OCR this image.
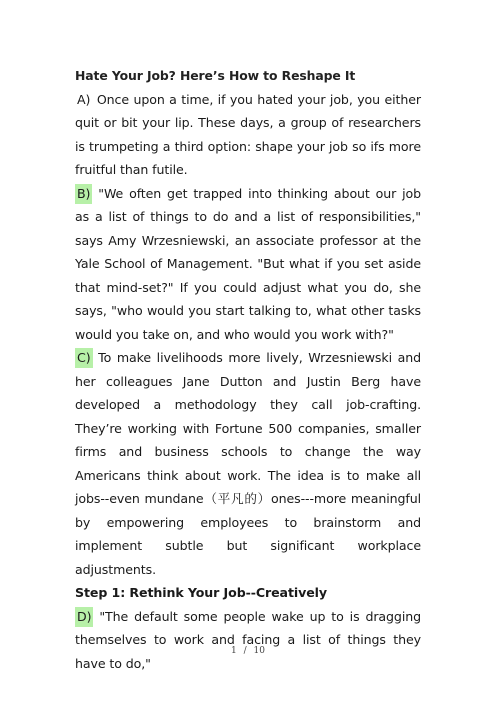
Hate Your Job? Here’s How to Reshape It

A) Once upon a time, if you hated your job, you either quit or bit your lip. These days, a group of researchers is trumpeting a third option: shape your job so ifs more fruitful than futile.

B) "We often get trapped into thinking about our job as a list of things to do and a list of responsibilities," says Amy Wrzesniewski, an associate professor at the Yale School of Management. "But what if you set aside that mind-set?" If you could adjust what you do, she says, "who would you start talking to, what other tasks would you take on, and who would you work with?"

C) To make livelihoods more lively, Wrzesniewski and her colleagues Jane Dutton and Justin Berg have developed a methodology they call job-crafting. They’re working with Fortune 500 companies, smaller firms and business schools to change the way Americans think about work. The idea is to make all jobs--even mundane（平凡的）ones---more meaningful by empowering employees to brainstorm and implement subtle but significant workplace adjustments.

Step 1: Rethink Your Job--Creatively

D) "The default some people wake up to is dragging themselves to work and facing a list of things they have to do,"

1 / 10
